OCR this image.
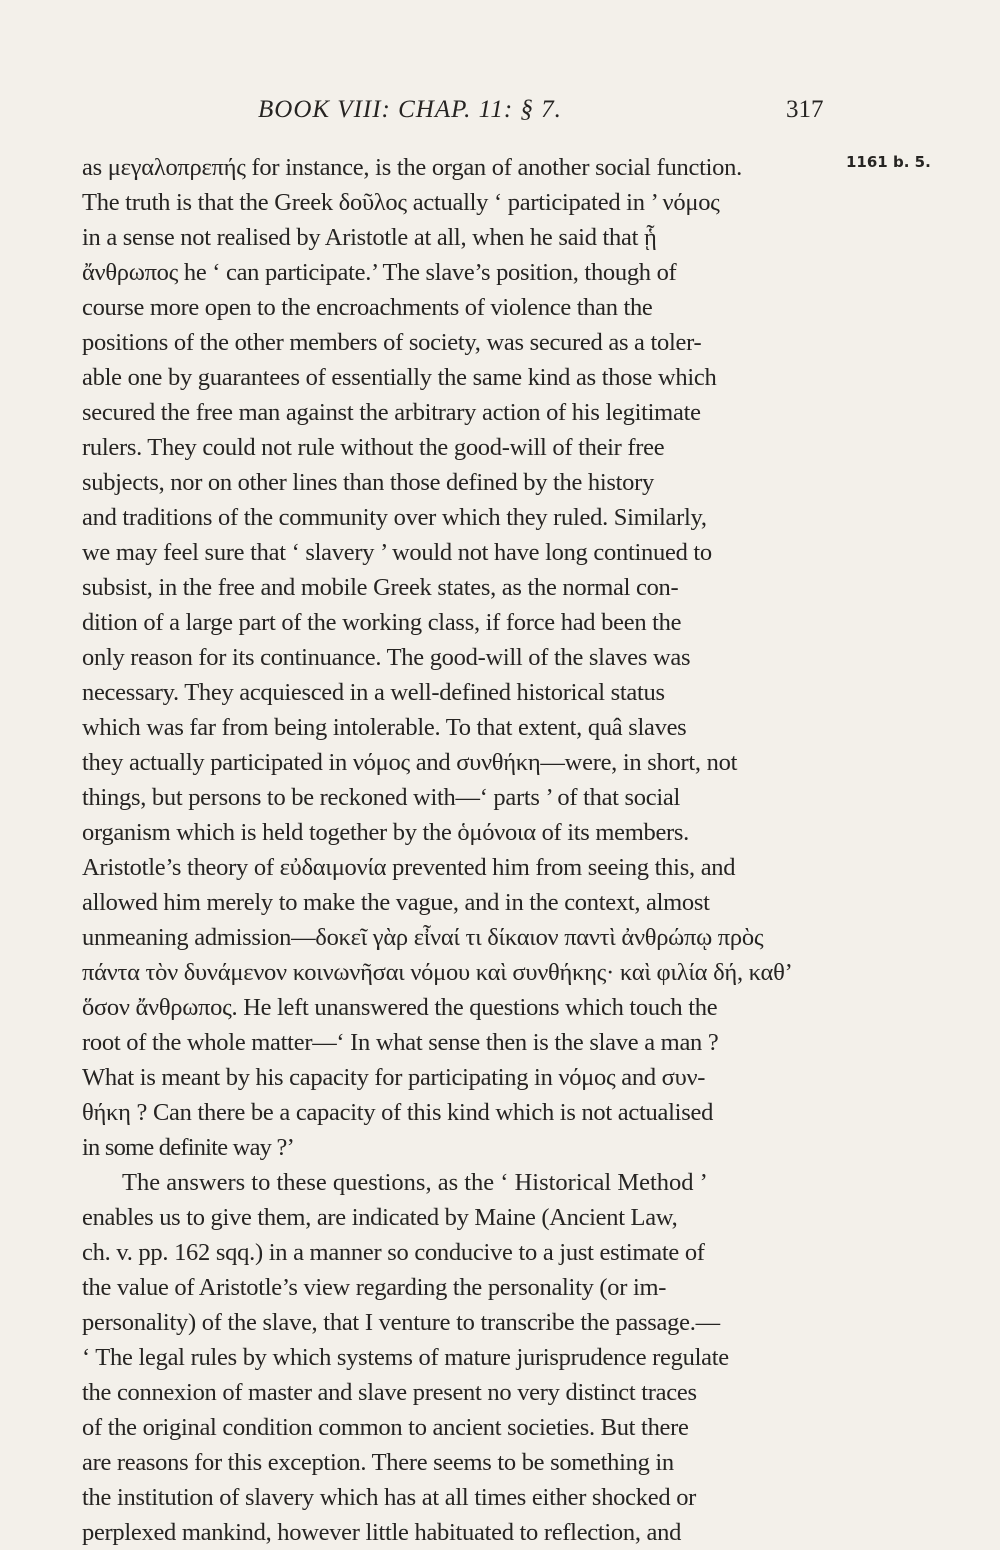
BOOK VIII: CHAP. 11: § 7.	317
1161 b. 5.
as μεγαλοπρεπής for instance, is the organ of another social function.
The truth is that the Greek δοῦλος actually ‘ participated in ’ νόμος
in a sense not realised by Aristotle at all, when he said that ᾗ
ἄνθρωπος he ‘ can participate.’ The slave’s position, though of
course more open to the encroachments of violence than the
positions of the other members of society, was secured as a toler-
able one by guarantees of essentially the same kind as those which
secured the free man against the arbitrary action of his legitimate
rulers. They could not rule without the good-will of their free
subjects, nor on other lines than those defined by the history
and traditions of the community over which they ruled. Similarly,
we may feel sure that ‘ slavery ’ would not have long continued to
subsist, in the free and mobile Greek states, as the normal con-
dition of a large part of the working class, if force had been the
only reason for its continuance. The good-will of the slaves was
necessary. They acquiesced in a well-defined historical status
which was far from being intolerable. To that extent, quâ slaves
they actually participated in νόμος and συνθήκη—were, in short, not
things, but persons to be reckoned with—‘ parts ’ of that social
organism which is held together by the ὁμόνοια of its members.
Aristotle’s theory of εὐδαιμονία prevented him from seeing this, and
allowed him merely to make the vague, and in the context, almost
unmeaning admission—δοκεῖ γὰρ εἶναί τι δίκαιον παντὶ ἀνθρώπῳ πρὸς
πάντα τὸν δυνάμενον κοινωνῆσαι νόμου καὶ συνθήκης· καὶ φιλία δή, καθ’
ὅσον ἄνθρωπος. He left unanswered the questions which touch the
root of the whole matter—‘ In what sense then is the slave a man ?
What is meant by his capacity for participating in νόμος and συν-
θήκη ? Can there be a capacity of this kind which is not actualised
in some definite way ?’
The answers to these questions, as the ‘ Historical Method ’
enables us to give them, are indicated by Maine (Ancient Law,
ch. v. pp. 162 sqq.) in a manner so conducive to a just estimate of
the value of Aristotle’s view regarding the personality (or im-
personality) of the slave, that I venture to transcribe the passage.—
‘ The legal rules by which systems of mature jurisprudence regulate
the connexion of master and slave present no very distinct traces
of the original condition common to ancient societies. But there
are reasons for this exception. There seems to be something in
the institution of slavery which has at all times either shocked or
perplexed mankind, however little habituated to reflection, and
